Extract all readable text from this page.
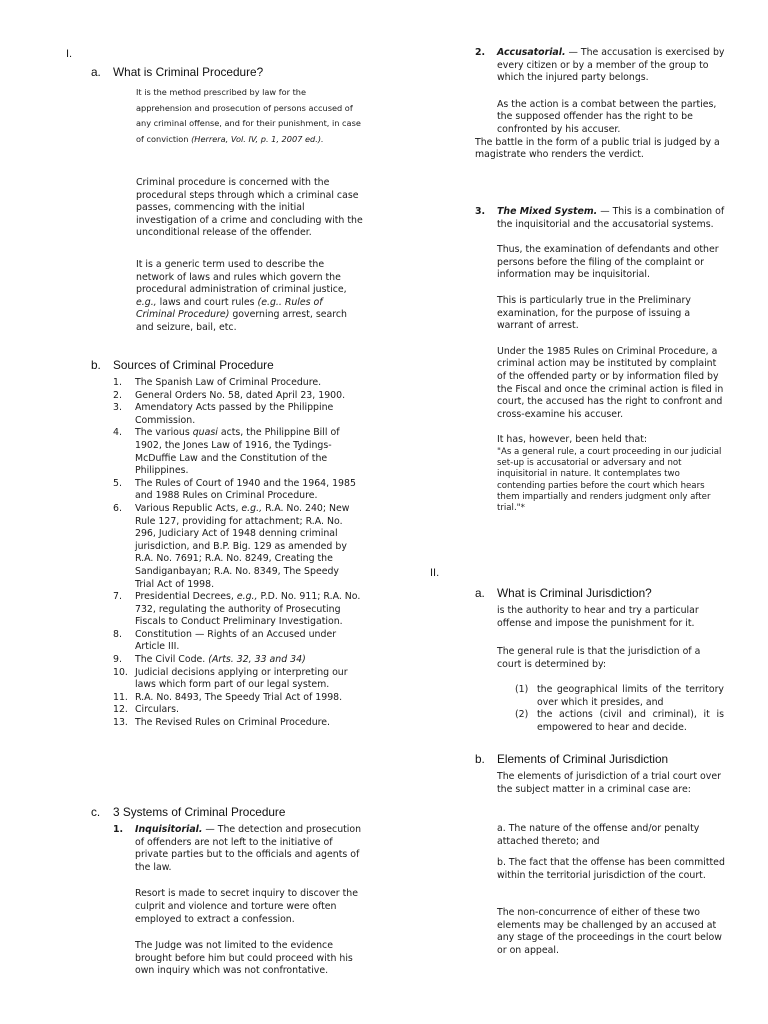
I.
a. What is Criminal Procedure?
It is the method prescribed by law for the apprehension and prosecution of persons accused of any criminal offense, and for their punishment, in case of conviction (Herrera, Vol. IV, p. 1, 2007 ed.).

Criminal procedure is concerned with the procedural steps through which a criminal case passes, commencing with the initial investigation of a crime and concluding with the unconditional release of the offender.

It is a generic term used to describe the network of laws and rules which govern the procedural administration of criminal justice, e.g., laws and court rules (e.g.. Rules of Criminal Procedure) governing arrest, search and seizure, bail, etc.

b. Sources of Criminal Procedure
1.	The Spanish Law of Criminal Procedure.
2.	General Orders No. 58, dated April 23, 1900.
3.	Amendatory Acts passed by the Philippine Commission.
4.	The various quasi acts, the Philippine Bill of 1902, the Jones Law of 1916, the Tydings-McDuffie Law and the Constitution of the Philippines.
5.	The Rules of Court of 1940 and the 1964, 1985 and 1988 Rules on Criminal Procedure.
6.	Various Republic Acts, e.g., R.A. No. 240; New Rule 127, providing for attachment; R.A. No. 296, Judiciary Act of 1948 denning criminal jurisdiction, and B.P. Big. 129 as amended by R.A. No. 7691; R.A. No. 8249, Creating the Sandiganbayan; R.A. No. 8349, The Speedy Trial Act of 1998.
7.	Presidential Decrees, e.g., P.D. No. 911; R.A. No. 732, regulating the authority of Prosecuting Fiscals to Conduct Preliminary Investigation.
8.	Constitution — Rights of an Accused under Article III.
9.	The Civil Code. (Arts. 32, 33 and 34)
10. Judicial decisions applying or interpreting our laws which form part of our legal system.
11. R.A. No. 8493, The Speedy Trial Act of 1998.
12. Circulars.
13. The Revised Rules on Criminal Procedure.
c. 3 Systems of Criminal Procedure
1. Inquisitorial. — The detection and prosecution of offenders are not left to the initiative of private parties but to the officials and agents of the law.

Resort is made to secret inquiry to discover the culprit and violence and torture were often employed to extract a confession.

The Judge was not limited to the evidence brought before him but could proceed with his own inquiry which was not confrontative.

2. Accusatorial. — The accusation is exercised by every citizen or by a member of the group to which the injured party belongs.

As the action is a combat between the parties, the supposed offender has the right to be confronted by his accuser.

The battle in the form of a public trial is judged by a magistrate who renders the verdict.

3. The Mixed System. — This is a combination of the inquisitorial and the accusatorial systems.

Thus, the examination of defendants and other persons before the filing of the complaint or information may be inquisitorial.

This is particularly true in the Preliminary examination, for the purpose of issuing a warrant of arrest.

Under the 1985 Rules on Criminal Procedure, a criminal action may be instituted by complaint of the offended party or by information filed by the Fiscal and once the criminal action is filed in court, the accused has the right to confront and cross-examine his accuser.

It has, however, been held that:

"As a general rule, a court proceeding in our judicial set-up is accusatorial or adversary and not inquisitorial in nature. It contemplates two contending parties before the court which hears them impartially and renders judgment only after trial."*

II.
a. What is Criminal Jurisdiction?

is the authority to hear and try a particular offense and impose the punishment for it.

The general rule is that the jurisdiction of a court is determined by:

(1) the geographical limits of the territory over which it presides, and
(2) the actions (civil and criminal), it is empowered to hear and decide.
b. Elements of Criminal Jurisdiction

The elements of jurisdiction of a trial court over the subject matter in a criminal case are:

a. The nature of the offense and/or penalty attached thereto; and

b. The fact that the offense has been committed within the territorial jurisdiction of the court.

The non-concurrence of either of these two elements may be challenged by an accused at any stage of the proceedings in the court below or on appeal.
